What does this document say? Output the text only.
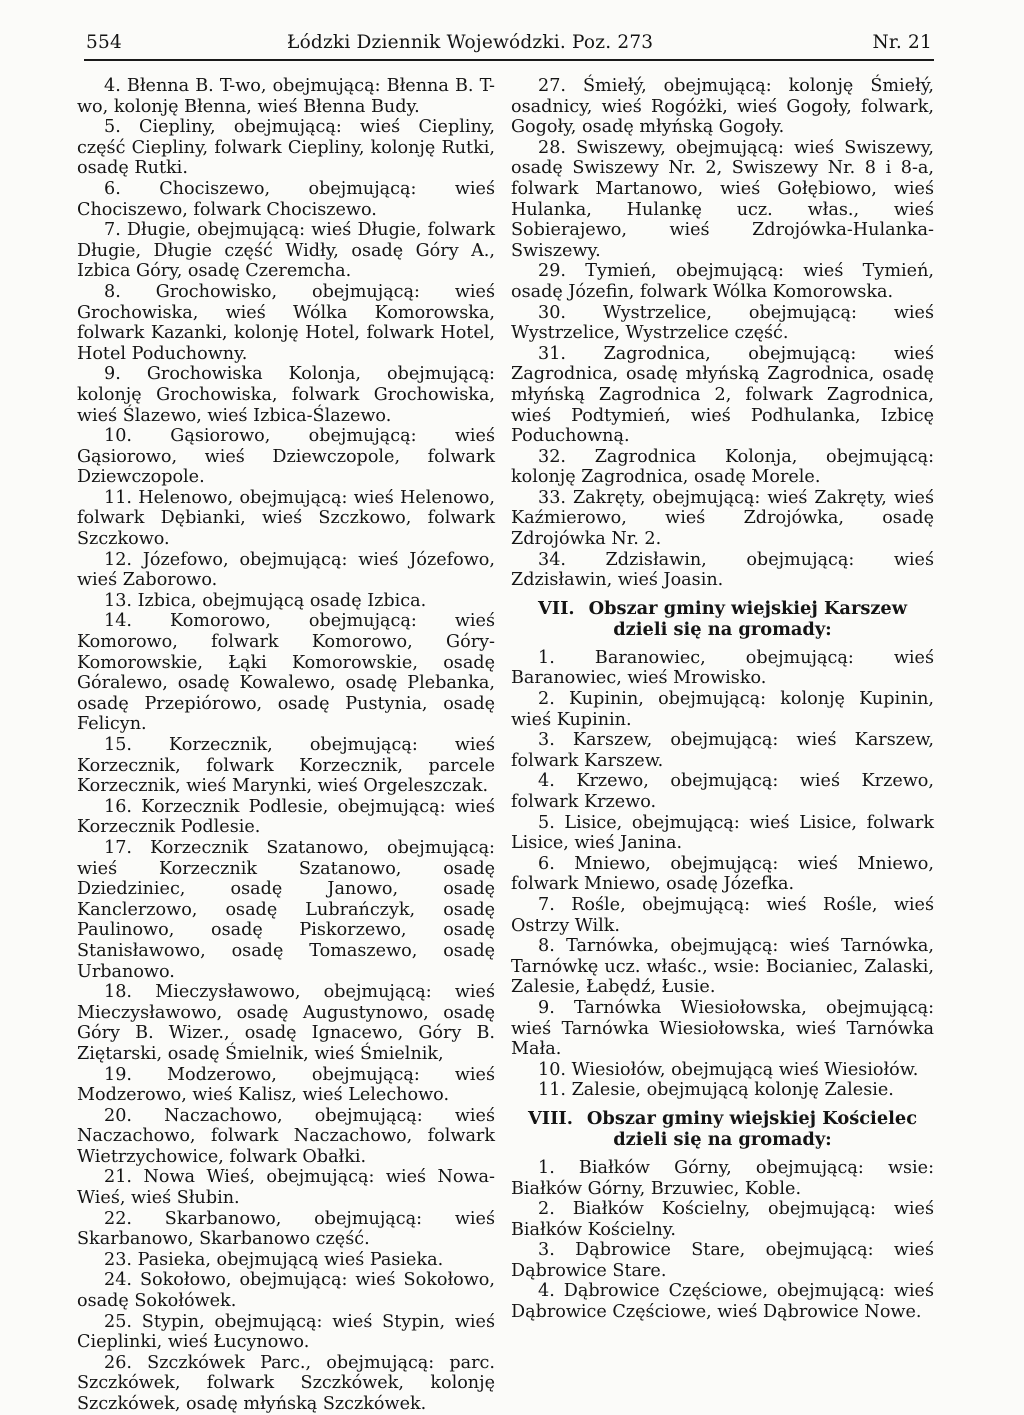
554	Łódzki Dziennik Wojewódzki. Poz. 273	Nr. 21

4. Błenna B. T-wo, obejmującą: Błenna B. T-wo, kolonję Błenna, wieś Błenna Budy.

5. Ciepliny, obejmującą: wieś Ciepliny, część Ciepliny, folwark Ciepliny, kolonję Rutki, osadę Rutki.

6. Chociszewo, obejmującą: wieś Chociszewo, folwark Chociszewo.

7. Długie, obejmującą: wieś Długie, folwark Długie, Długie część Widły, osadę Góry A., Izbica Góry, osadę Czeremcha.

8. Grochowisko, obejmującą: wieś Grochowiska, wieś Wólka Komorowska, folwark Kazanki, kolonję Hotel, folwark Hotel, Hotel Poduchowny.

9. Grochowiska Kolonja, obejmującą: kolonję Grochowiska, folwark Grochowiska, wieś Ślazewo, wieś Izbica-Ślazewo.

10. Gąsiorowo, obejmującą: wieś Gąsiorowo, wieś Dziewczopole, folwark Dziewczopole.

11. Helenowo, obejmującą: wieś Helenowo, folwark Dębianki, wieś Szczkowo, folwark Szczkowo.

12. Józefowo, obejmującą: wieś Józefowo, wieś Zaborowo.

13. Izbica, obejmującą osadę Izbica.

14. Komorowo, obejmującą: wieś Komorowo, folwark Komorowo, Góry-Komorowskie, Łąki Komorowskie, osadę Góralewo, osadę Kowalewo, osadę Plebanka, osadę Przepiórowo, osadę Pustynia, osadę Felicyn.

15. Korzecznik, obejmującą: wieś Korzecznik, folwark Korzecznik, parcele Korzecznik, wieś Marynki, wieś Orgeleszczak.

16. Korzecznik Podlesie, obejmującą: wieś Korzecznik Podlesie.

17. Korzecznik Szatanowo, obejmującą: wieś Korzecznik Szatanowo, osadę Dziedziniec, osadę Janowo, osadę Kanclerzowo, osadę Lubrańczyk, osadę Paulinowo, osadę Piskorzewo, osadę Stanisławowo, osadę Tomaszewo, osadę Urbanowo.

18. Mieczysławowo, obejmującą: wieś Mieczysławowo, osadę Augustynowo, osadę Góry B. Wizer., osadę Ignacewo, Góry B. Ziętarski, osadę Śmielnik, wieś Śmielnik,

19. Modzerowo, obejmującą: wieś Modzerowo, wieś Kalisz, wieś Lelechowo.

20. Naczachowo, obejmującą: wieś Naczachowo, folwark Naczachowo, folwark Wietrzychowice, folwark Obałki.

21. Nowa Wieś, obejmującą: wieś Nowa-Wieś, wieś Słubin.

22. Skarbanowo, obejmującą: wieś Skarbanowo, Skarbanowo część.

23. Pasieka, obejmującą wieś Pasieka.

24. Sokołowo, obejmującą: wieś Sokołowo, osadę Sokołówek.

25. Stypin, obejmującą: wieś Stypin, wieś Cieplinki, wieś Łucynowo.

26. Szczkówek Parc., obejmującą: parc. Szczkówek, folwark Szczkówek, kolonję Szczkówek, osadę młyńską Szczkówek.

27. Śmiełý, obejmującą: kolonję Śmiełý, osadnicy, wieś Rogóżki, wieś Gogoły, folwark, Gogoły, osadę młyńską Gogoły.

28. Swiszewy, obejmującą: wieś Swiszewy, osadę Swiszewy Nr. 2, Swiszewy Nr. 8 i 8-a, folwark Martanowo, wieś Gołębiowo, wieś Hulanka, Hulankę ucz. włas., wieś Sobierajewo, wieś Zdrojówka-Hulanka-Swiszewy.

29. Tymień, obejmującą: wieś Tymień, osadę Józefin, folwark Wólka Komorowska.

30. Wystrzelice, obejmującą: wieś Wystrzelice, Wystrzelice część.

31. Zagrodnica, obejmującą: wieś Zagrodnica, osadę młyńską Zagrodnica, osadę młyńską Zagrodnica 2, folwark Zagrodnica, wieś Podtymień, wieś Podhulanka, Izbicę Poduchowną.

32. Zagrodnica Kolonja, obejmującą: kolonję Zagrodnica, osadę Morele.

33. Zakręty, obejmującą: wieś Zakręty, wieś Kaźmierowo, wieś Zdrojówka, osadę Zdrojówka Nr. 2.

34. Zdzisławin, obejmującą: wieś Zdzisławin, wieś Joasin.

VII. Obszar gminy wiejskiej Karszew dzieli się na gromady:

1. Baranowiec, obejmującą: wieś Baranowiec, wieś Mrowisko.

2. Kupinin, obejmującą: kolonję Kupinin, wieś Kupinin.

3. Karszew, obejmującą: wieś Karszew, folwark Karszew.

4. Krzewo, obejmującą: wieś Krzewo, folwark Krzewo.

5. Lisice, obejmującą: wieś Lisice, folwark Lisice, wieś Janina.

6. Mniewo, obejmującą: wieś Mniewo, folwark Mniewo, osadę Józefka.

7. Rośle, obejmującą: wieś Rośle, wieś Ostrzy Wilk.

8. Tarnówka, obejmującą: wieś Tarnówka, Tarnówkę ucz. właśc., wsie: Bocianiec, Zalaski, Zalesie, Łabędź, Łusie.

9. Tarnówka Wiesiołowska, obejmującą: wieś Tarnówka Wiesiołowska, wieś Tarnówka Mała.

10. Wiesiołów, obejmującą wieś Wiesiołów.

11. Zalesie, obejmującą kolonję Zalesie.

VIII. Obszar gminy wiejskiej Kościelec dzieli się na gromady:

1. Białków Górny, obejmującą: wsie: Białków Górny, Brzuwiec, Koble.

2. Białków Kościelny, obejmującą: wieś Białków Kościelny.

3. Dąbrowice Stare, obejmującą: wieś Dąbrowice Stare.

4. Dąbrowice Częściowe, obejmującą: wieś Dąbrowice Częściowe, wieś Dąbrowice Nowe.
